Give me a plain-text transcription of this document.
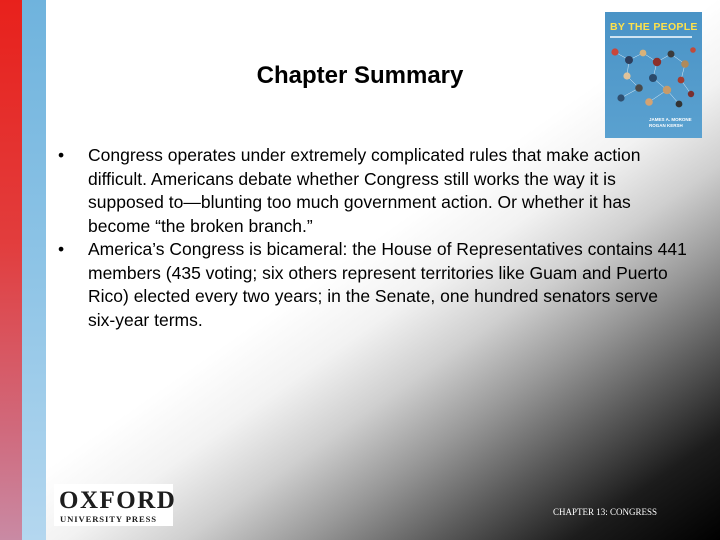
Chapter Summary
BY THE PEOPLE
JAMES A. MORONE
ROGAN KERSH
• Congress operates under extremely complicated rules that make action difficult. Americans debate whether Congress still works the way it is supposed to—blunting too much government action. Or whether it has become “the broken branch.”
• America’s Congress is bicameral: the House of Representatives contains 441 members (435 voting; six others represent territories like Guam and Puerto Rico) elected every two years; in the Senate, one hundred senators serve six-year terms.
OXFORD
UNIVERSITY PRESS
CHAPTER 13: CONGRESS
